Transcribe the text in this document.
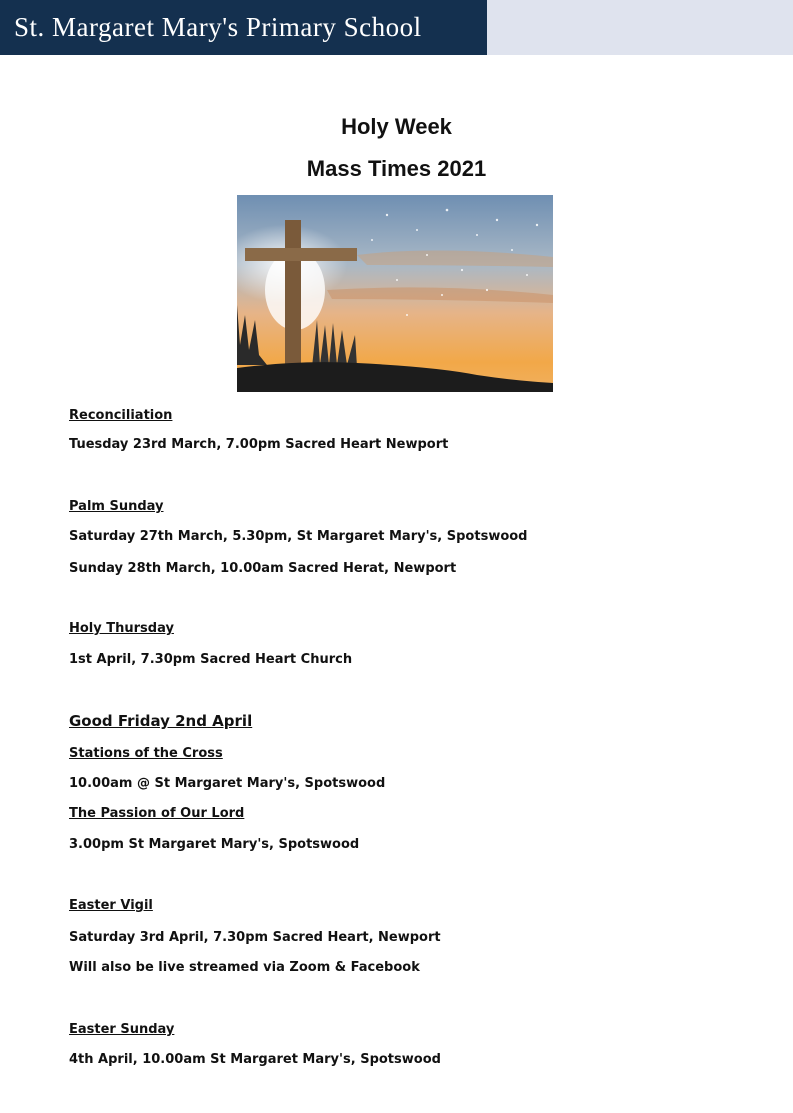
St. Margaret Mary's Primary School
Holy Week
Mass Times 2021
Reconciliation
Tuesday 23rd March, 7.00pm Sacred Heart Newport
Palm Sunday
Saturday 27th March, 5.30pm, St Margaret Mary's, Spotswood
Sunday 28th March, 10.00am Sacred Herat, Newport
Holy Thursday
1st April, 7.30pm Sacred Heart Church
Good Friday 2nd April
Stations of the Cross
10.00am @ St Margaret Mary's, Spotswood
The Passion of Our Lord
3.00pm St Margaret Mary's, Spotswood
Easter Vigil
Saturday 3rd April, 7.30pm Sacred Heart, Newport
Will also be live streamed via Zoom & Facebook
Easter Sunday
4th April, 10.00am St Margaret Mary's, Spotswood
